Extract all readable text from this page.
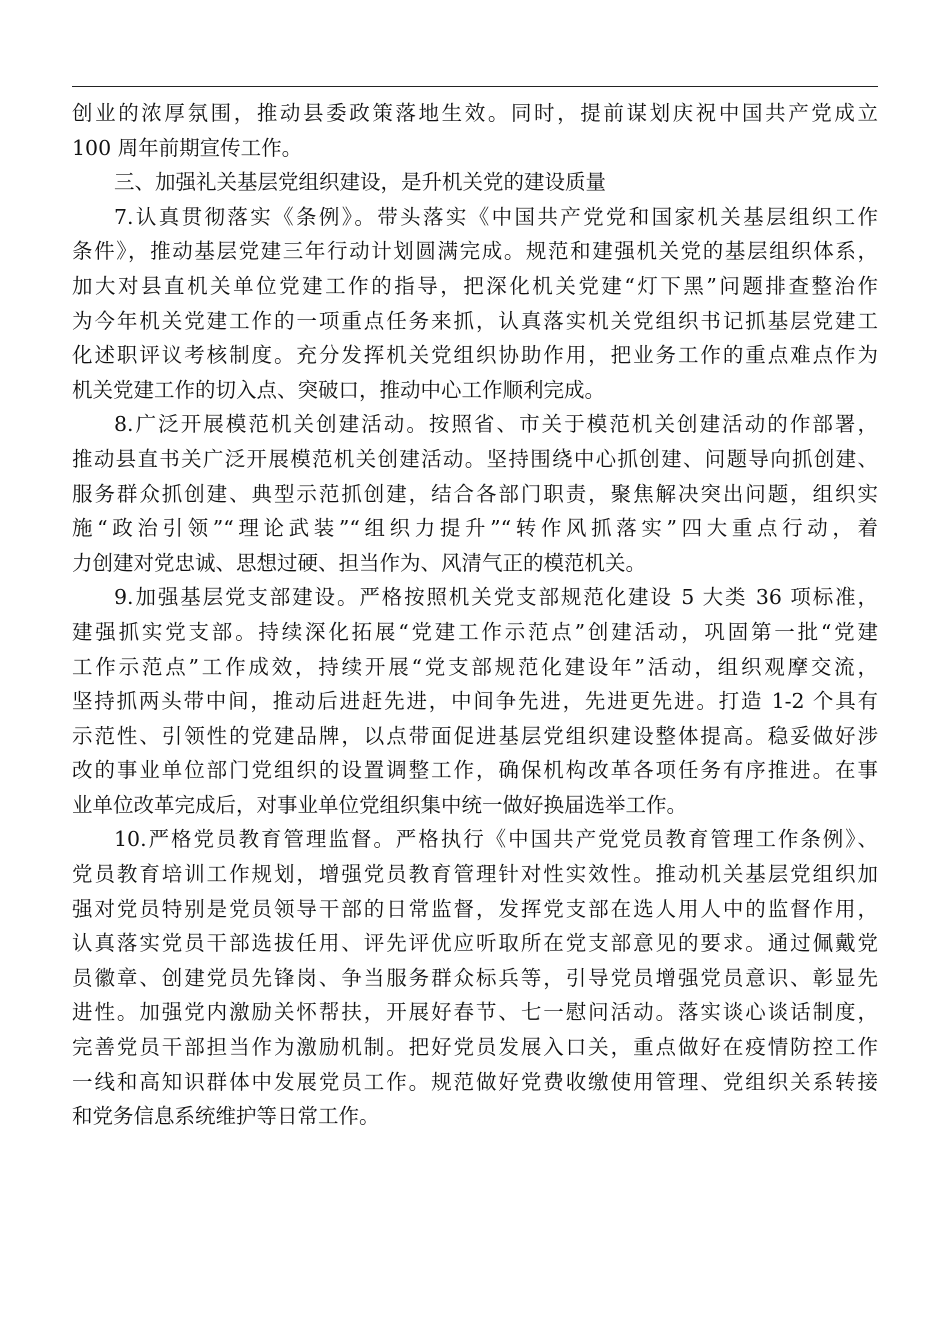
创业的浓厚氛围，推动县委政策落地生效。同时，提前谋划庆祝中国共产党成立
100 周年前期宣传工作。
三、加强礼关基层党组织建设，是升机关党的建设质量
7.认真贯彻落实《条例》。带头落实《中国共产党党和国家机关基层组织工作
条件》，推动基层党建三年行动计划圆满完成。规范和建强机关党的基层组织体系，
加大对县直机关单位党建工作的指导，把深化机关党建“灯下黑”问题排查整治作
为今年机关党建工作的一项重点任务来抓，认真落实机关党组织书记抓基层党建工
化述职评议考核制度。充分发挥机关党组织协助作用，把业务工作的重点难点作为
机关党建工作的切入点、突破口，推动中心工作顺利完成。
8.广泛开展模范机关创建活动。按照省、市关于模范机关创建活动的作部署，
推动县直书关广泛开展模范机关创建活动。坚持围绕中心抓创建、问题导向抓创建、
服务群众抓创建、典型示范抓创建，结合各部门职责，聚焦解决突出问题，组织实
施“政治引领”“理论武装”“组织力提升”“转作风抓落实”四大重点行动，着
力创建对党忠诚、思想过硬、担当作为、风清气正的模范机关。
9.加强基层党支部建设。严格按照机关党支部规范化建设 5 大类 36 项标准，
建强抓实党支部。持续深化拓展“党建工作示范点”创建活动，巩固第一批“党建
工作示范点”工作成效，持续开展“党支部规范化建设年”活动，组织观摩交流，
坚持抓两头带中间，推动后进赶先进，中间争先进，先进更先进。打造 1-2 个具有
示范性、引领性的党建品牌，以点带面促进基层党组织建设整体提高。稳妥做好涉
改的事业单位部门党组织的设置调整工作，确保机构改革各项任务有序推进。在事
业单位改革完成后，对事业单位党组织集中统一做好换届选举工作。
10.严格党员教育管理监督。严格执行《中国共产党党员教育管理工作条例》、
党员教育培训工作规划，增强党员教育管理针对性实效性。推动机关基层党组织加
强对党员特别是党员领导干部的日常监督，发挥党支部在选人用人中的监督作用，
认真落实党员干部选拔任用、评先评优应听取所在党支部意见的要求。通过佩戴党
员徽章、创建党员先锋岗、争当服务群众标兵等，引导党员增强党员意识、彰显先
进性。加强党内激励关怀帮扶，开展好春节、七一慰问活动。落实谈心谈话制度，
完善党员干部担当作为激励机制。把好党员发展入口关，重点做好在疫情防控工作
一线和高知识群体中发展党员工作。规范做好党费收缴使用管理、党组织关系转接
和党务信息系统维护等日常工作。
